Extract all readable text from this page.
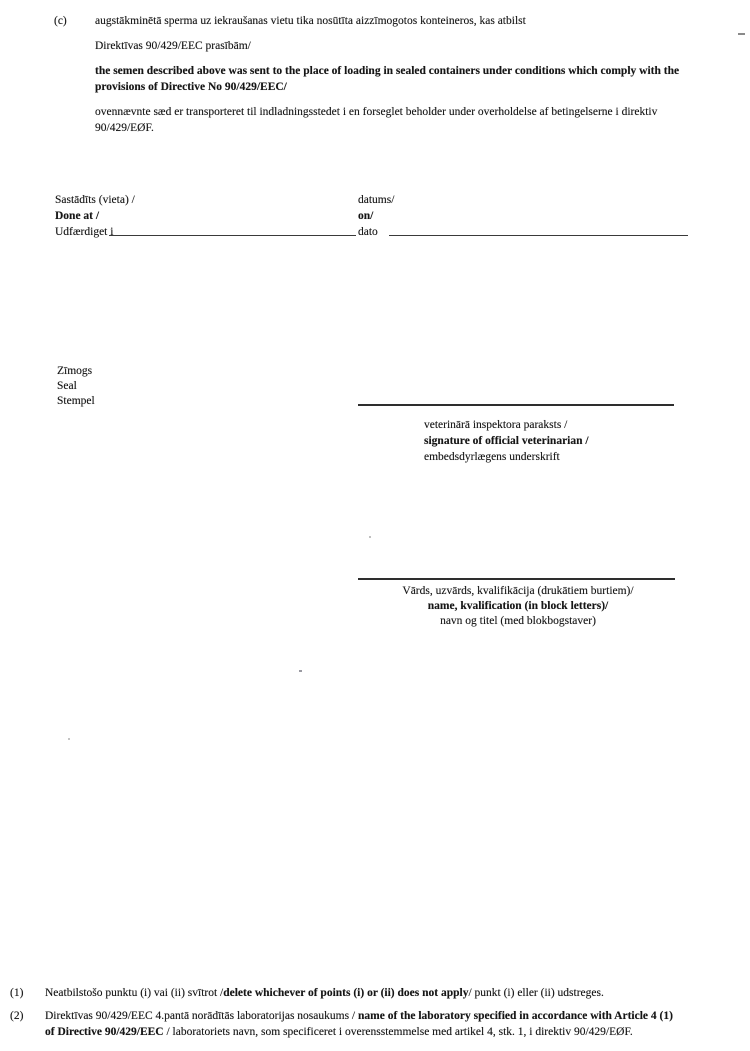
(c) augstākminētā sperma uz iekraušanas vietu tika nosūtīta aizzīmogotos konteineros, kas atbilst
Direktīvas 90/429/EEC prasībām/
the semen described above was sent to the place of loading in sealed containers under conditions which comply with the
provisions of Directive No 90/429/EEC/
ovennævnte sæd er transporteret til indladningsstedet i en forseglet beholder under overholdelse af betingelserne i direktiv
90/429/EØF.
Sastādīts (vieta) /
Done at /
Udfærdiget i
datums/
on/
dato
Zīmogs
Seal
Stempel
veterinārā inspektora paraksts /
signature of official veterinarian /
embedsdyrlægens underskrift
Vārds, uzvārds, kvalifikācija (drukātiem burtiem)/
name, kvalification (in block letters)/
navn og titel (med blokbogstaver)
(1) Neatbilstošo punktu (i) vai (ii) svītrot /delete whichever of points (i) or (ii) does not apply/ punkt (i) eller (ii) udstreges.
(2) Direktīvas 90/429/EEC 4.pantā norādītās laboratorijas nosaukums / name of the laboratory specified in accordance with Article 4 (1)
of Directive 90/429/EEC / laboratoriets navn, som specificeret i overensstemmelse med artikel 4, stk. 1, i direktiv 90/429/EØF.
